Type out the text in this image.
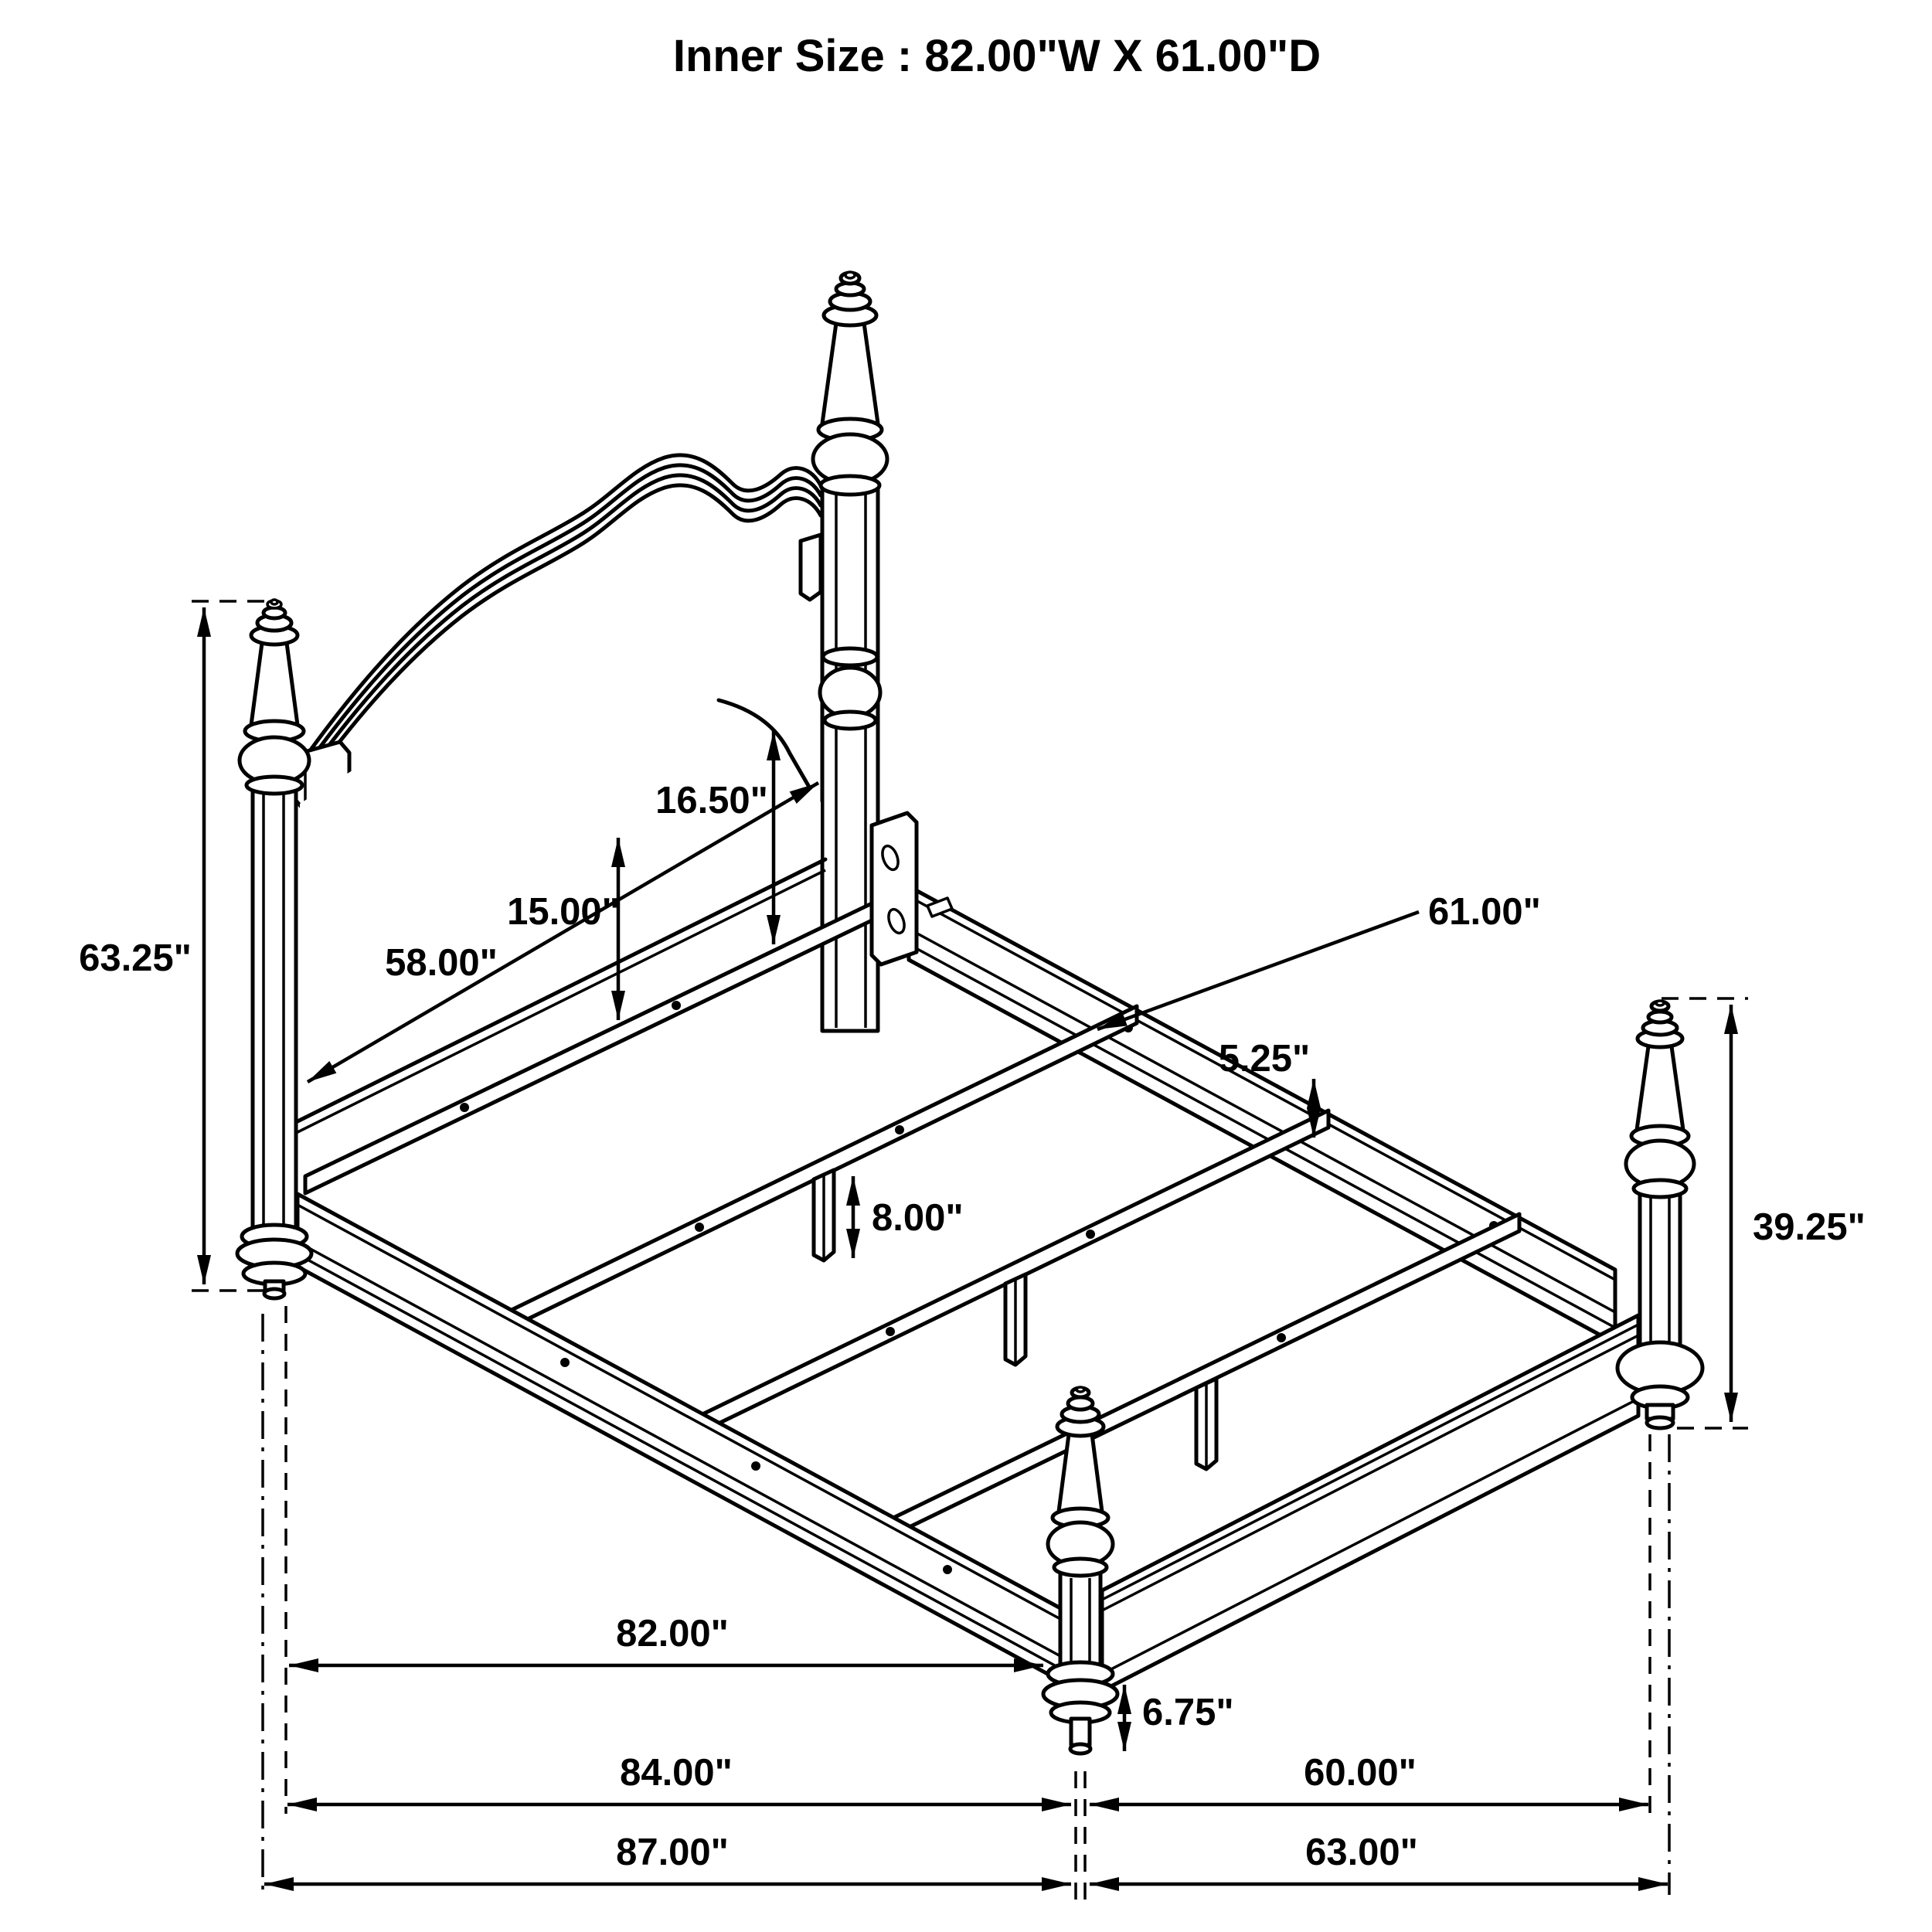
63.25"
16.50"
15.00"
58.00"
61.00"
5.25"
8.00"	39.25"
82.00"
6.75"
84.00"	60.00"
87.00"	63.00"
Inner Size : 82.00"W X 61.00"D
